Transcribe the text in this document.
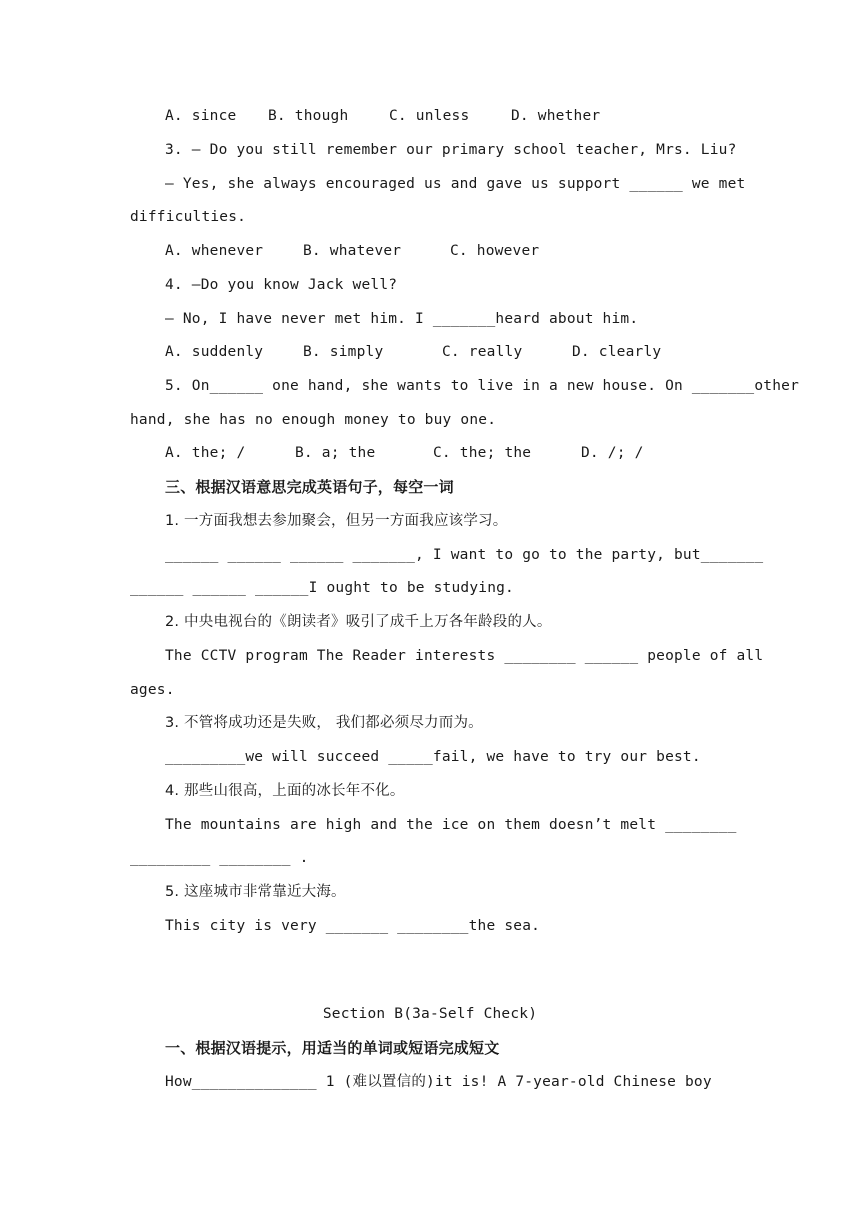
A. since	B. though	C. unless	D. whether
3. — Do you still remember our primary school teacher, Mrs. Liu?
— Yes, she always encouraged us and gave us support ______ we met
difficulties.
A. whenever	B. whatever	C. however
4. —Do you know Jack well?
— No, I have never met him. I _______heard about him.
A. suddenly	B. simply	C. really	D. clearly
5. On______ one hand, she wants to live in a new house. On _______other
hand, she has no enough money to buy one.
A. the; /	B. a; the	C. the; the	D. /; /
三、根据汉语意思完成英语句子，每空一词
1. 一方面我想去参加聚会，但另一方面我应该学习。
______ ______ ______ _______, I want to go to the party, but_______
______ ______ ______I ought to be studying.
2. 中央电视台的《朗读者》吸引了成千上万各年龄段的人。
The CCTV program The Reader interests ________ ______ people of all
ages.
3. 不管将成功还是失败， 我们都必须尽力而为。
_________we will succeed _____fail, we have to try our best.
4. 那些山很高，上面的冰长年不化。
The mountains are high and the ice on them doesn’t melt ________
_________ ________ .
5. 这座城市非常靠近大海。
This city is very _______ ________the sea.
Section B(3a-Self Check)
一、根据汉语提示，用适当的单词或短语完成短文
How______________ 1 (难以置信的)it is! A 7-year-old Chinese boy
